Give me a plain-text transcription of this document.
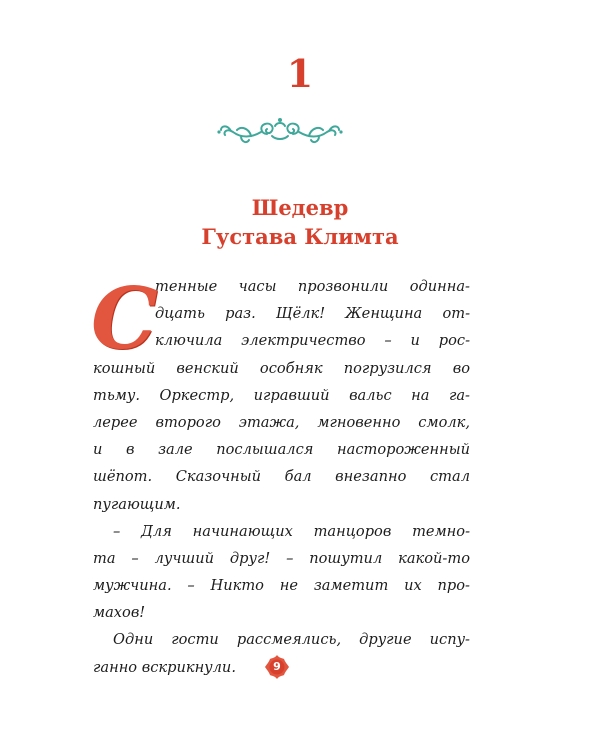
1
Шедевр
Густава Климта
С
тенные часы прозвонили одинна-
дцать раз. Щёлк! Женщина от-
ключила электричество – и рос-
кошный венский особняк погрузился во
тьму. Оркестр, игравший вальс на га-
лерее второго этажа, мгновенно смолк,
и в зале послышался настороженный
шёпот. Сказочный бал внезапно стал
пугающим.
– Для начинающих танцоров темно-
та – лучший друг! – пошутил какой-то
мужчина. – Никто не заметит их про-
махов!
Одни гости рассмеялись, другие испу-
ганно вскрикнули.	9
